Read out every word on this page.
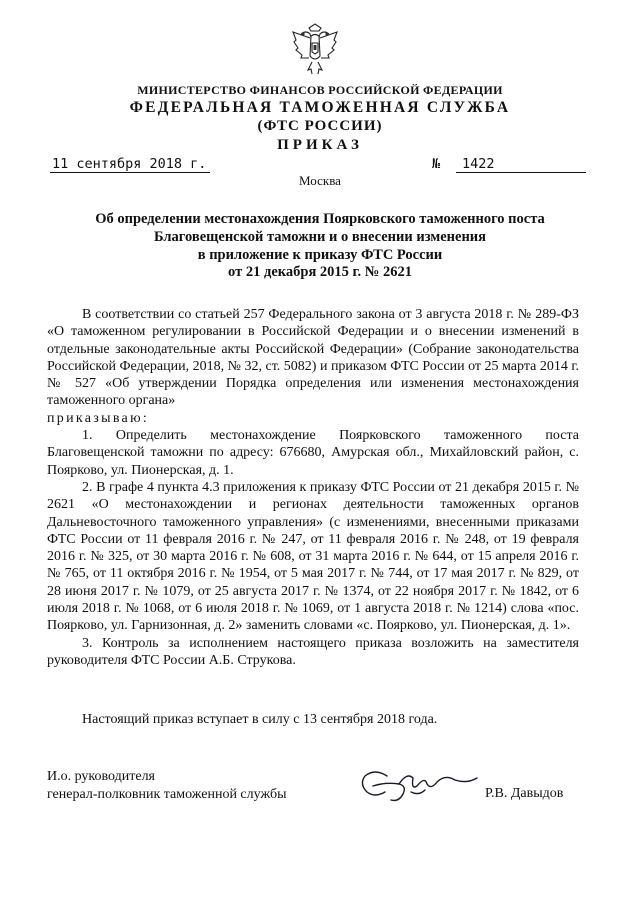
МИНИСТЕРСТВО ФИНАНСОВ РОССИЙСКОЙ ФЕДЕРАЦИИ
ФЕДЕРАЛЬНАЯ ТАМОЖЕННАЯ СЛУЖБА
(ФТС РОССИИ)
ПРИКАЗ
11 сентября 2018 г.	№	1422
Москва
Об определении местонахождения Поярковского таможенного поста
Благовещенской таможни и о внесении изменения
в приложение к приказу ФТС России
от 21 декабря 2015 г. № 2621

В соответствии со статьей 257 Федерального закона от 3 августа 2018 г. № 289-ФЗ «О таможенном регулировании в Российской Федерации и о внесении изменений в отдельные законодательные акты Российской Федерации» (Собрание законодательства Российской Федерации, 2018, № 32, ст. 5082) и приказом ФТС России от 25 марта 2014 г. № 527 «Об утверждении Порядка определения или изменения местонахождения таможенного органа»

приказываю:

1. Определить местонахождение Поярковского таможенного поста Благовещенской таможни по адресу: 676680, Амурская обл., Михайловский район, с. Поярково, ул. Пионерская, д. 1.

2. В графе 4 пункта 4.3 приложения к приказу ФТС России от 21 декабря 2015 г. № 2621 «О местонахождении и регионах деятельности таможенных органов Дальневосточного таможенного управления» (с изменениями, внесенными приказами ФТС России от 11 февраля 2016 г. № 247, от 11 февраля 2016 г. № 248, от 19 февраля 2016 г. № 325, от 30 марта 2016 г. № 608, от 31 марта 2016 г. № 644, от 15 апреля 2016 г. № 765, от 11 октября 2016 г. № 1954, от 5 мая 2017 г. № 744, от 17 мая 2017 г. № 829, от 28 июня 2017 г. № 1079, от 25 августа 2017 г. № 1374, от 22 ноября 2017 г. № 1842, от 6 июля 2018 г. № 1068, от 6 июля 2018 г. № 1069, от 1 августа 2018 г. № 1214) слова «пос. Поярково, ул. Гарнизонная, д. 2» заменить словами «с. Поярково, ул. Пионерская, д. 1».

3. Контроль за исполнением настоящего приказа возложить на заместителя руководителя ФТС России А.Б. Струкова.

Настоящий приказ вступает в силу с 13 сентября 2018 года.
И.о. руководителя
генерал-полковник таможенной службы	Р.В. Давыдов
